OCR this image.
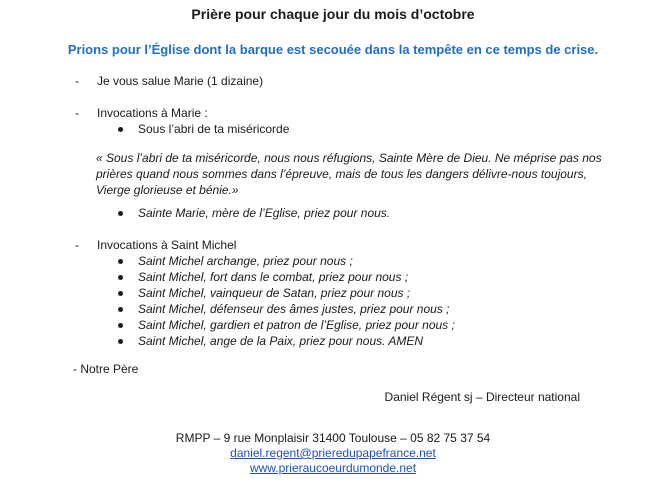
Prière pour chaque jour du mois d’octobre
Prions pour l’Église dont la barque est secouée dans la tempête en ce temps de crise.
- Je vous salue Marie (1 dizaine)
- Invocations à Marie :
Sous l’abri de ta miséricorde
« Sous l’abri de ta miséricorde, nous nous réfugions, Sainte Mère de Dieu. Ne méprise pas nos
prières quand nous sommes dans l’épreuve, mais de tous les dangers délivre-nous toujours,
Vierge glorieuse et bénie.»
Sainte Marie, mère de l’Eglise, priez pour nous.
- Invocations à Saint Michel
Saint Michel archange, priez pour nous ;
Saint Michel, fort dans le combat, priez pour nous ;
Saint Michel, vainqueur de Satan, priez pour nous ;
Saint Michel, défenseur des âmes justes, priez pour nous ;
Saint Michel, gardien et patron de l’Eglise, priez pour nous ;
Saint Michel, ange de la Paix, priez pour nous. AMEN
- Notre Père
Daniel Régent sj – Directeur national
RMPP – 9 rue Monplaisir 31400 Toulouse – 05 82 75 37 54
daniel.regent@prieredupapefrance.net
www.prieraucoeurdumonde.net
